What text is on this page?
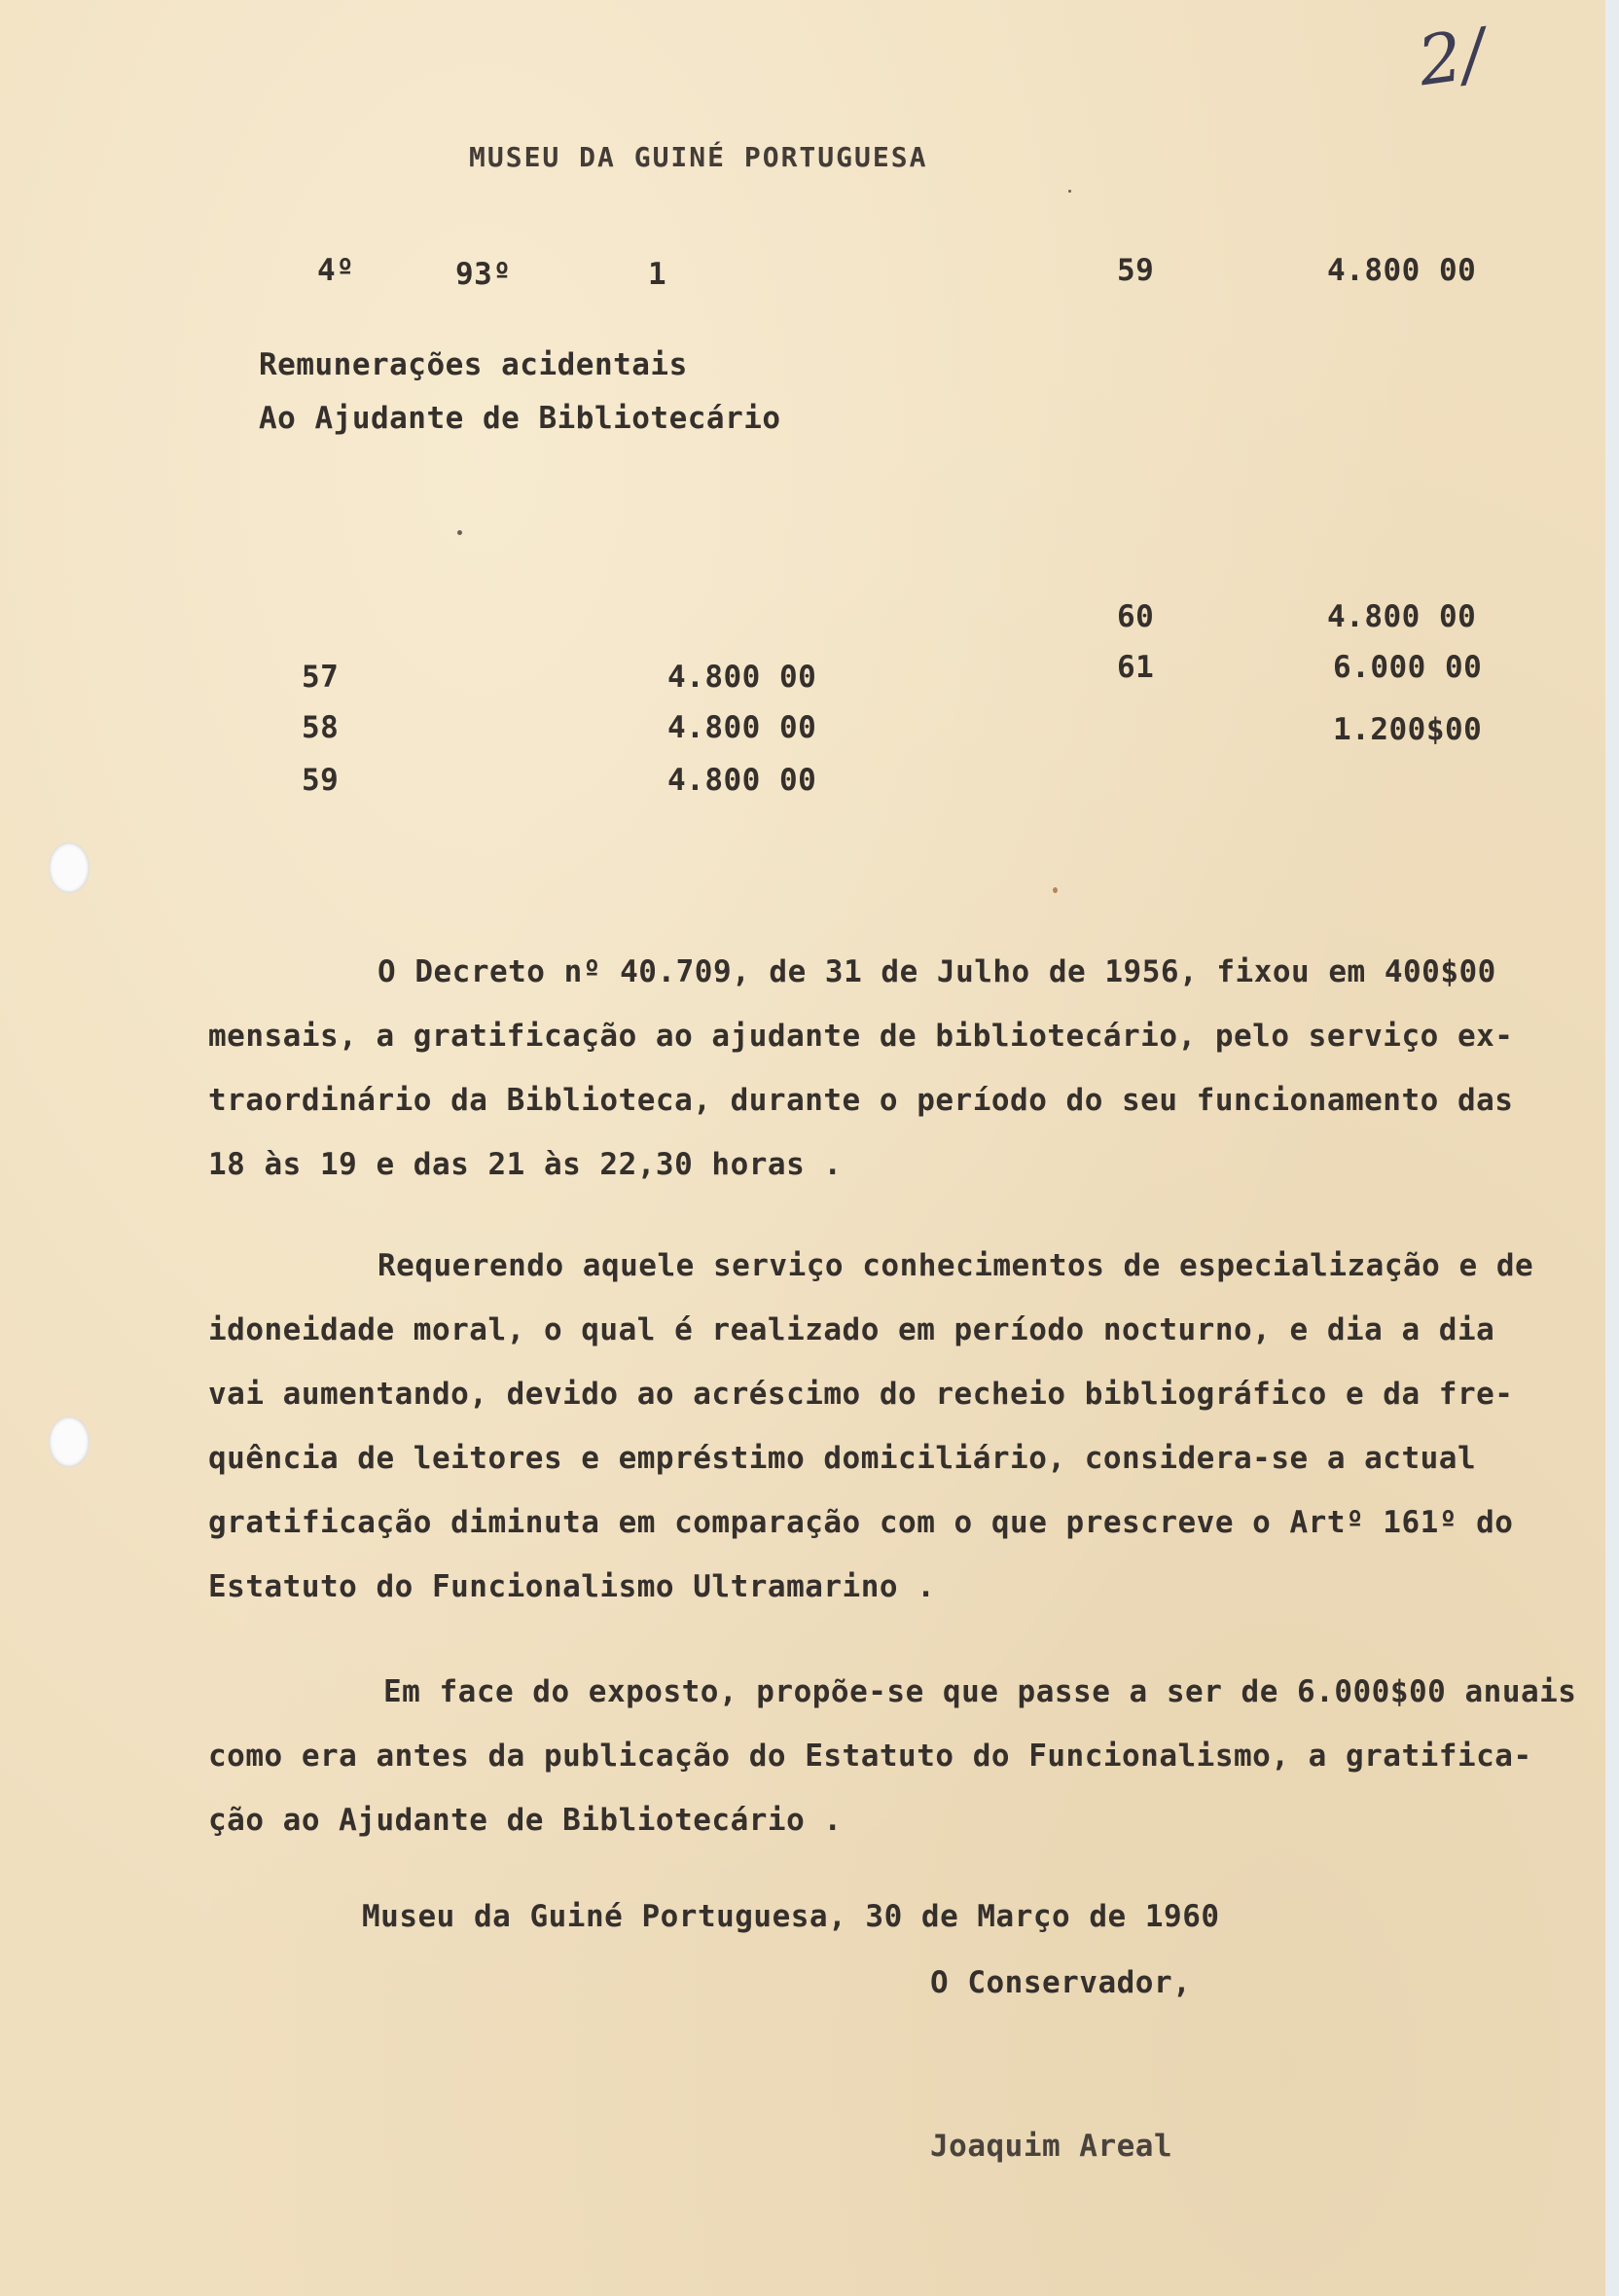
2/
MUSEU DA GUINÉ PORTUGUESA
4º	93º	1	59	4.800 00
Remunerações acidentais
Ao Ajudante de Bibliotecário
60	4.800 00
61	6.000 00
1.200$00
57	4.800 00
58	4.800 00
59	4.800 00
O Decreto nº 40.709, de 31 de Julho de 1956, fixou em 400$00
mensais, a gratificação ao ajudante de bibliotecário, pelo serviço ex-
traordinário da Biblioteca, durante o período do seu funcionamento das
18 às 19 e das 21 às 22,30 horas .
Requerendo aquele serviço conhecimentos de especialização e de
idoneidade moral, o qual é realizado em período nocturno, e dia a dia
vai aumentando, devido ao acréscimo do recheio bibliográfico e da fre-
quência de leitores e empréstimo domiciliário, considera-se a actual
gratificação diminuta em comparação com o que prescreve o Artº 161º do
Estatuto do Funcionalismo Ultramarino .
Em face do exposto, propõe-se que passe a ser de 6.000$00 anuais
como era antes da publicação do Estatuto do Funcionalismo, a gratifica-
ção ao Ajudante de Bibliotecário .
Museu da Guiné Portuguesa, 30 de Março de 1960
O Conservador,
Joaquim Areal
